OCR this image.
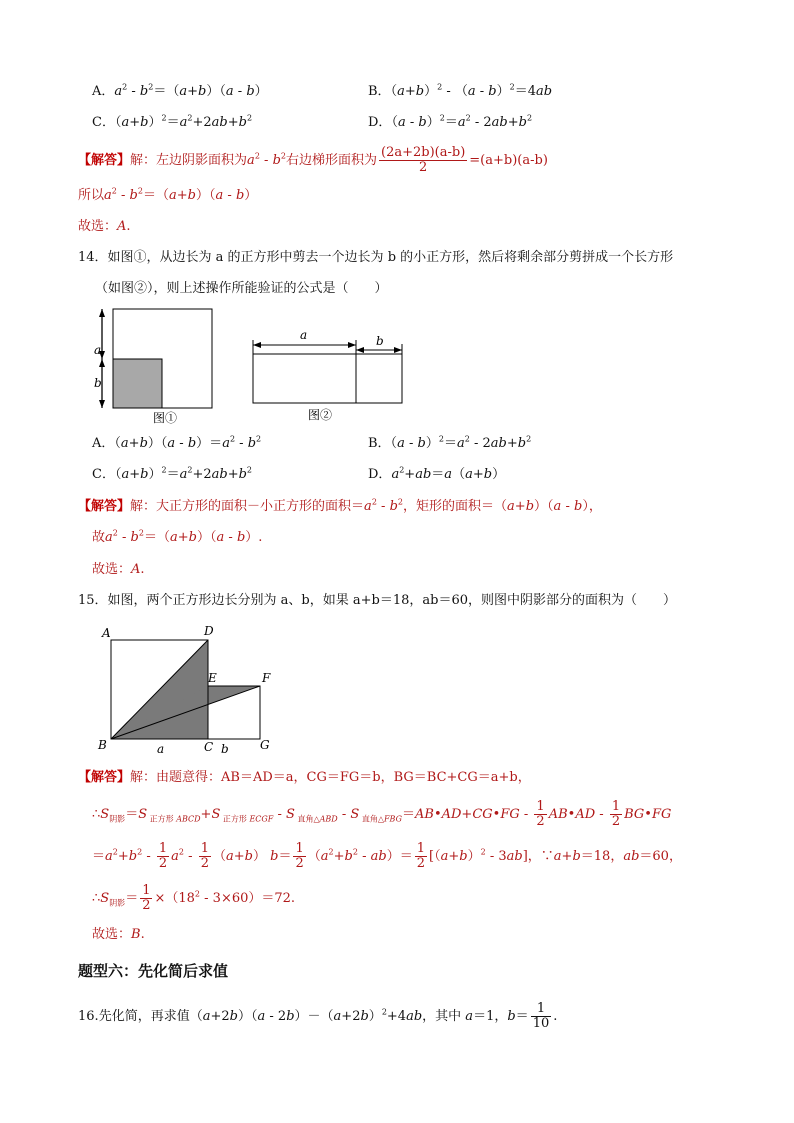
A．$a^2 - b^2=(a+b)(a - b)$	B．$(a+b)^2 - (a - b)^2=4ab$
C．$(a+b)^2=a^2+2ab+b^2$	D．$(a - b)^2=a^2 - 2ab+b^2$
【解答】解：左边阴影面积为$a^2 - b^2$右边梯形面积为 $\frac{(2a+2b)(a-b)}{2} =(a+b)(a-b)$
所以$a^2 - b^2=(a+b)(a - b)$
故选：A.
14．如图①，从边长为 a 的正方形中剪去一个边长为 b 的小正方形，然后将剩余部分剪拼成一个长方形
（如图②），则上述操作所能验证的公式是（　　）
a
b
图①
a	b
图②
A．$(a+b)(a - b)=a^2 - b^2$	B．$(a - b)^2=a^2 - 2ab+b^2$
C．$(a+b)^2=a^2+2ab+b^2$	D．$a^2+ab=a(a+b)$
【解答】解：大正方形的面积－小正方形的面积$=a^2 - b^2$，矩形的面积＝（a+b）（a - b），
故$a^2 - b^2=(a+b)(a - b)$.
故选：A.
15．如图，两个正方形边长分别为 a、b，如果 a+b＝18，ab＝60，则图中阴影部分的面积为（　　）
A	D
E	F
B	C	G
a	b
【解答】解：由题意得：AB＝AD＝a，CG＝FG＝b，BG＝BC+CG＝a+b，
$\therefore S_{阴影}=S$ $_{正方形 ABCD}$+S $_{正方形 ECGF}$ - S $_{直角\triangle ABD}$ - S $_{直角\triangle FBG}$＝AB•AD+CG•FG - $\frac{1}{2}$ AB•AD - $\frac{1}{2}$ BG•FG
$=a^2+b^2 - \frac{1}{2} a^2 - \frac{1}{2} (a+b)$ $b= \frac{1}{2} (a^2+b^2 - ab)= \frac{1}{2} [(a+b)^2 - 3ab]$，∵a+b＝18，ab＝60，
$\therefore S_{阴影}= \frac{1}{2} \times(18^2 - 3\times 60)=72$.
故选：B.
题型六：先化简后求值
16.先化简，再求值$(a+2b)(a - 2b)-(a+2b)^2+4ab$，其中 a＝1，$b= \frac{1}{10}$ .
